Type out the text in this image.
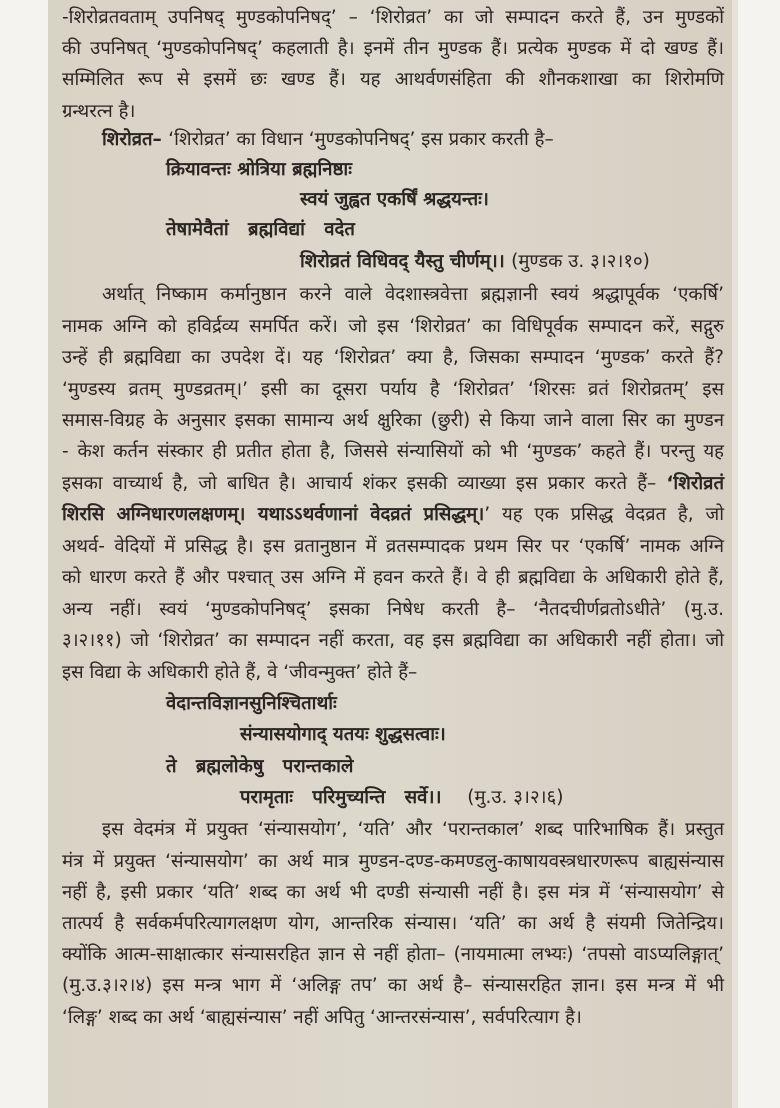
-शिरोव्रतवताम् उपनिषद् मुण्डकोपनिषद्’ – ‘शिरोव्रत’ का जो सम्पादन करते हैं, उन मुण्डकों
की उपनिषत् ‘मुण्डकोपनिषद्’ कहलाती है। इनमें तीन मुण्डक हैं। प्रत्येक मुण्डक में दो खण्ड हैं।
सम्मिलित रूप से इसमें छः खण्ड हैं। यह आथर्वणसंहिता की शौनकशाखा का शिरोमणि
ग्रन्थरत्न है।
शिरोव्रत– ‘शिरोव्रत’ का विधान ‘मुण्डकोपनिषद्’ इस प्रकार करती है–
क्रियावन्तः श्रोत्रिया ब्रह्मनिष्ठाः
स्वयं जुह्वत एकर्षिं श्रद्धयन्तः।
तेषामेवैतां   ब्रह्मविद्यां   वदेत
शिरोव्रतं विधिवद् यैस्तु चीर्णम्।। (मुण्डक उ. ३।२।१०)
अर्थात् निष्काम कर्मानुष्ठान करने वाले वेदशास्त्रवेत्ता ब्रह्मज्ञानी स्वयं श्रद्धापूर्वक ‘एकर्षि’
नामक अग्नि को हविर्द्रव्य समर्पित करें। जो इस ‘शिरोव्रत’ का विधिपूर्वक सम्पादन करें, सद्गुरु
उन्हें ही ब्रह्मविद्या का उपदेश दें। यह ‘शिरोव्रत’ क्या है, जिसका सम्पादन ‘मुण्डक’ करते हैं?
‘मुण्डस्य व्रतम् मुण्डव्रतम्।’ इसी का दूसरा पर्याय है ‘शिरोव्रत’ ‘शिरसः व्रतं शिरोव्रतम्’ इस
समास-विग्रह के अनुसार इसका सामान्य अर्थ क्षुरिका (छुरी) से किया जाने वाला सिर का मुण्डन
- केश कर्तन संस्कार ही प्रतीत होता है, जिससे संन्यासियों को भी ‘मुण्डक’ कहते हैं। परन्तु यह
इसका वाच्यार्थ है, जो बाधित है। आचार्य शंकर इसकी व्याख्या इस प्रकार करते हैं– ‘शिरोव्रतं
शिरसि अग्निधारणलक्षणम्। यथाऽऽथर्वणानां वेदव्रतं प्रसिद्धम्।’ यह एक प्रसिद्ध वेदव्रत है, जो
अथर्व- वेदियों में प्रसिद्ध है। इस व्रतानुष्ठान में व्रतसम्पादक प्रथम सिर पर ‘एकर्षि’ नामक अग्नि
को धारण करते हैं और पश्चात् उस अग्नि में हवन करते हैं। वे ही ब्रह्मविद्या के अधिकारी होते हैं,
अन्य नहीं। स्वयं ‘मुण्डकोपनिषद्’ इसका निषेध करती है– ‘नैतदचीर्णव्रतोऽधीते’ (मु.उ.
३।२।११) जो ‘शिरोव्रत’ का सम्पादन नहीं करता, वह इस ब्रह्मविद्या का अधिकारी नहीं होता। जो
इस विद्या के अधिकारी होते हैं, वे ‘जीवन्मुक्त’ होते हैं–
वेदान्तविज्ञानसुनिश्चितार्थाः
संन्यासयोगाद् यतयः शुद्धसत्वाः।
ते   ब्रह्मलोकेषु   परान्तकाले
परामृताः   परिमुच्यन्ति   सर्वे।।    (मु.उ. ३।२।६)
इस वेदमंत्र में प्रयुक्त ‘संन्यासयोग’, ‘यति’ और ‘परान्तकाल’ शब्द पारिभाषिक हैं। प्रस्तुत
मंत्र में प्रयुक्त ‘संन्यासयोग’ का अर्थ मात्र मुण्डन-दण्ड-कमण्डलु-काषायवस्त्रधारणरूप बाह्यसंन्यास
नहीं है, इसी प्रकार ‘यति’ शब्द का अर्थ भी दण्डी संन्यासी नहीं है। इस मंत्र में ‘संन्यासयोग’ से
तात्पर्य है सर्वकर्मपरित्यागलक्षण योग, आन्तरिक संन्यास। ‘यति’ का अर्थ है संयमी जितेन्द्रिय।
क्योंकि आत्म-साक्षात्कार संन्यासरहित ज्ञान से नहीं होता– (नायमात्मा लभ्यः) ‘तपसो वाऽप्यलिङ्गात्’
(मु.उ.३।२।४) इस मन्त्र भाग में ‘अलिङ्ग तप’ का अर्थ है– संन्यासरहित ज्ञान। इस मन्त्र में भी
‘लिङ्ग’ शब्द का अर्थ ‘बाह्यसंन्यास’ नहीं अपितु ‘आन्तरसंन्यास’, सर्वपरित्याग है।
